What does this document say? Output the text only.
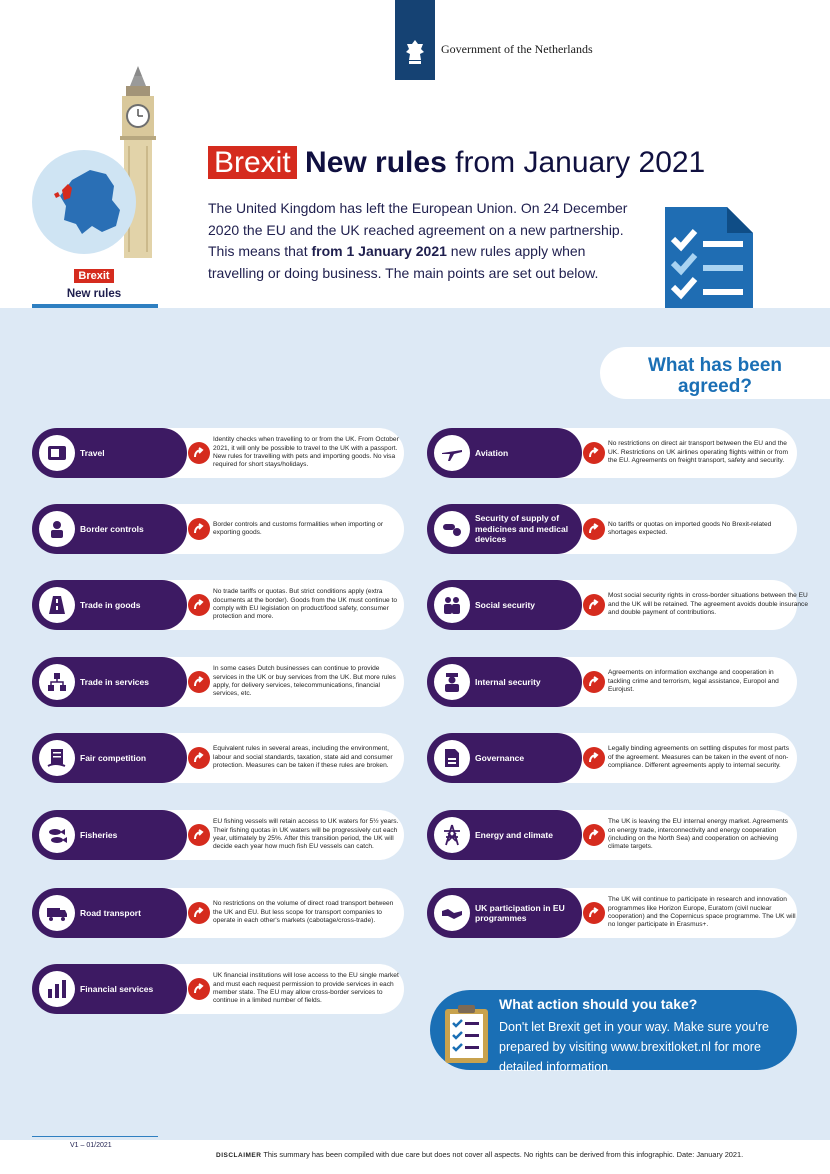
Government of the Netherlands
Brexit
New rules
Brexit New rules from January 2021
The United Kingdom has left the European Union. On 24 December 2020 the EU and the UK reached agreement on a new partnership. This means that from 1 January 2021 new rules apply when travelling or doing business. The main points are set out below.
What has been
agreed?
Travel
Identity checks when travelling to or from the UK. From October 2021, it will only be possible to travel to the UK with a passport. New rules for travelling with pets and importing goods. No visa required for short stays/holidays.
Border controls	Border controls and customs formalities when importing or exporting goods.
Trade in goods
No trade tariffs or quotas. But strict conditions apply (extra documents at the border). Goods from the UK must continue to comply with EU legislation on product/food safety, consumer protection and more.
Trade in services
In some cases Dutch businesses can continue to provide services in the UK or buy services from the UK. But more rules apply, for delivery services, telecommunications, financial services, etc.
Fair competition
Equivalent rules in several areas, including the environment, labour and social standards, taxation, state aid and consumer protection. Measures can be taken if these rules are broken.
Fisheries
EU fishing vessels will retain access to UK waters for 5½ years. Their fishing quotas in UK waters will be progressively cut each year, ultimately by 25%. After this transition period, the UK will decide each year how much fish EU vessels can catch.
Road transport
No restrictions on the volume of direct road transport between the UK and EU. But less scope for transport companies to operate in each other's markets (cabotage/cross-trade).
Financial services
UK financial institutions will lose access to the EU single market and must each request permission to provide services in each member state. The EU may allow cross-border services to continue in a limited number of fields.
Aviation
No restrictions on direct air transport between the EU and the UK. Restrictions on UK airlines operating flights within or from the EU. Agreements on freight transport, safety and security.
Security of supply of medicines and medical devices
No tariffs or quotas on imported goods No Brexit-related shortages expected.
Social security
Most social security rights in cross-border situations between the EU and the UK will be retained. The agreement avoids double insurance and double payment of contributions.
Internal security
Agreements on information exchange and cooperation in tackling crime and terrorism, legal assistance, Europol and Eurojust.
Governance
Legally binding agreements on settling disputes for most parts of the agreement. Measures can be taken in the event of non-compliance. Different agreements apply to internal security.
Energy and climate
The UK is leaving the EU internal energy market. Agreements on energy trade, interconnectivity and energy cooperation (including on the North Sea) and cooperation on achieving climate targets.
UK participation in EU programmes
The UK will continue to participate in research and innovation programmes like Horizon Europe, Euratom (civil nuclear cooperation) and the Copernicus space programme. The UK will no longer participate in Erasmus+.
What action should you take?
Don't let Brexit get in your way. Make sure you're prepared by visiting www.brexitloket.nl for more detailed information.
V1 – 01/2021
DISCLAIMER This summary has been compiled with due care but does not cover all aspects. No rights can be derived from this infographic. Date: January 2021.
